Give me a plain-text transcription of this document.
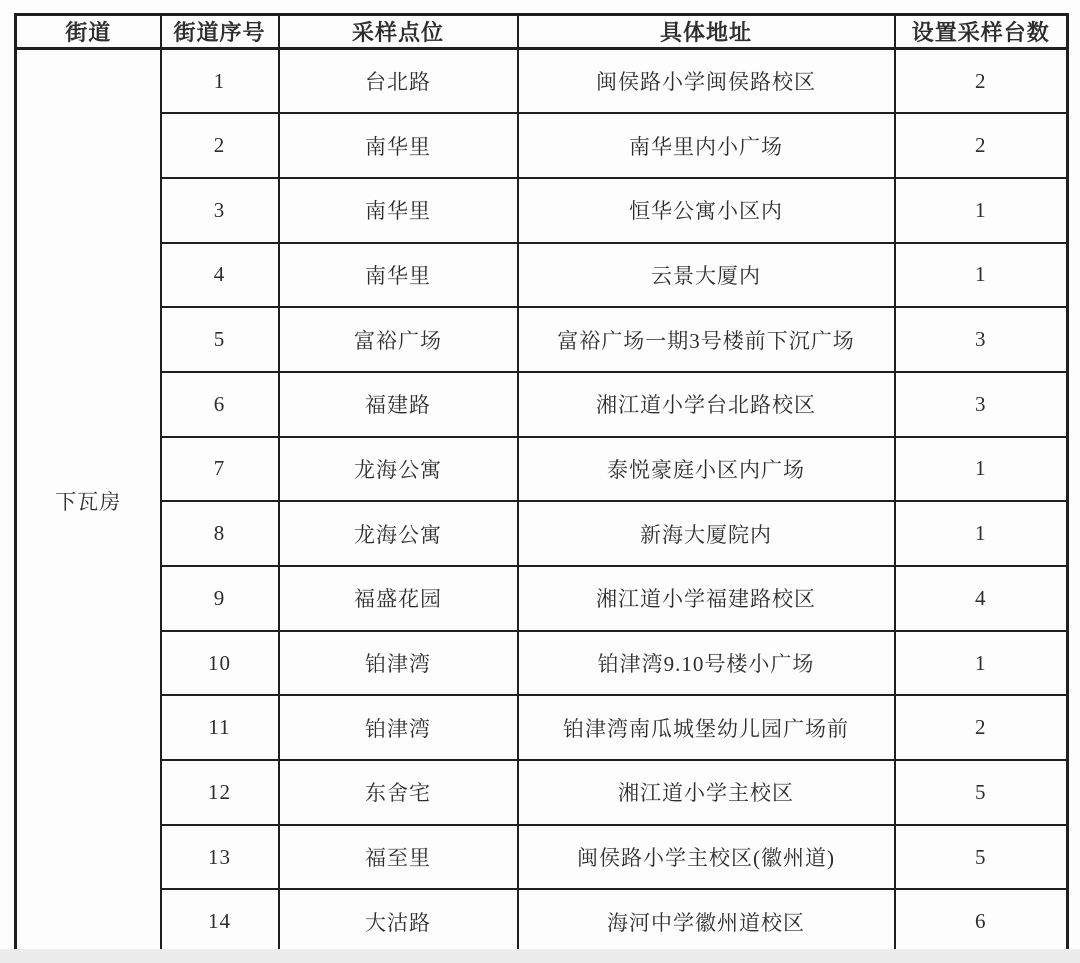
街道	街道序号	采样点位	具体地址	设置采样台数
下瓦房	1	台北路	闽侯路小学闽侯路校区	2
	2	南华里	南华里内小广场	2
	3	南华里	恒华公寓小区内	1
	4	南华里	云景大厦内	1
	5	富裕广场	富裕广场一期3号楼前下沉广场	3
	6	福建路	湘江道小学台北路校区	3
	7	龙海公寓	泰悦豪庭小区内广场	1
	8	龙海公寓	新海大厦院内	1
	9	福盛花园	湘江道小学福建路校区	4
	10	铂津湾	铂津湾9.10号楼小广场	1
	11	铂津湾	铂津湾南瓜城堡幼儿园广场前	2
	12	东舍宅	湘江道小学主校区	5
	13	福至里	闽侯路小学主校区(徽州道)	5
	14	大沽路	海河中学徽州道校区	6
